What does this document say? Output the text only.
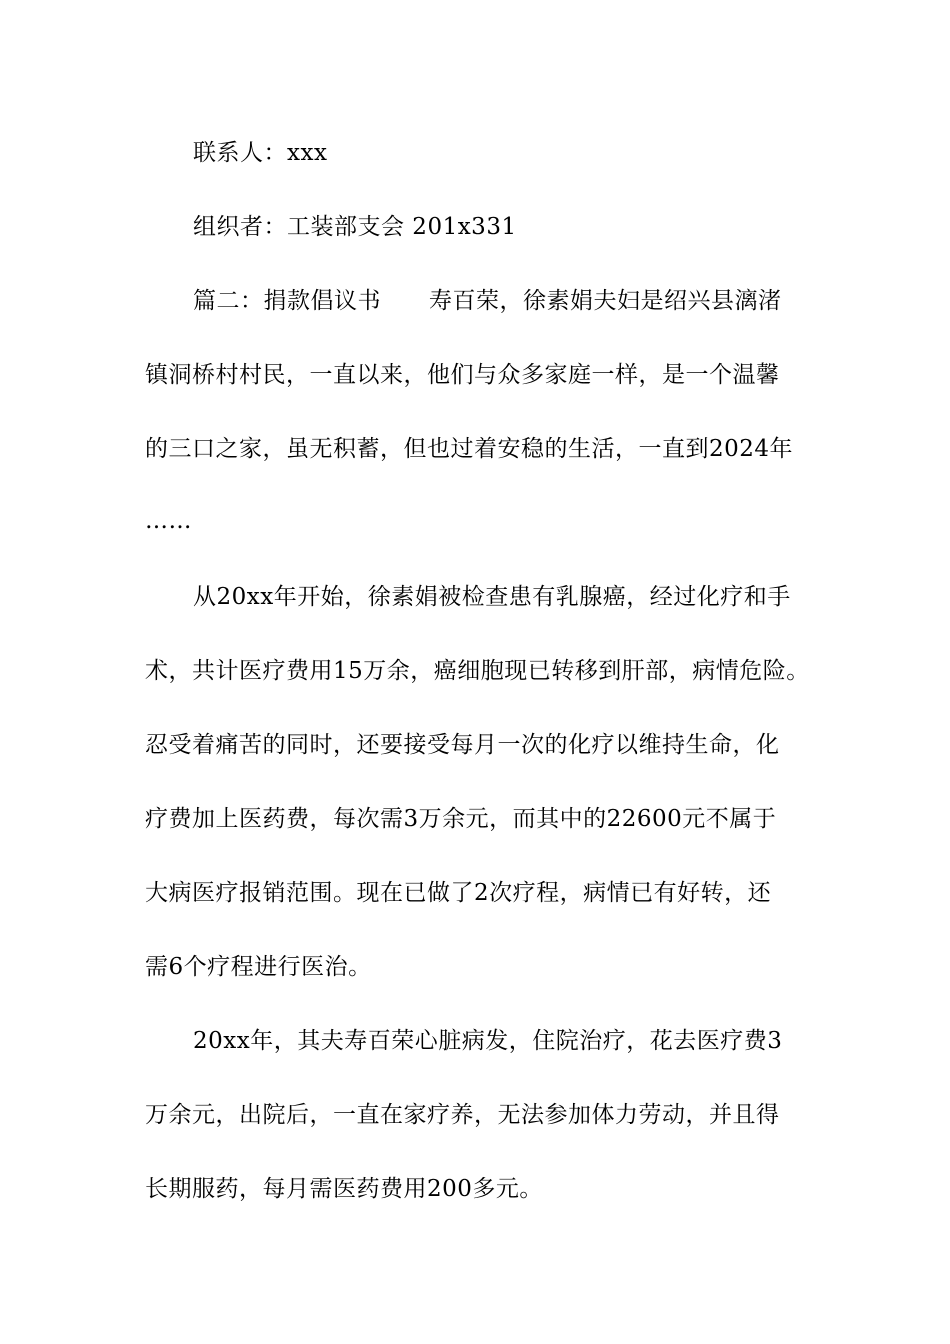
联系人：xxx
组织者：工装部支会 201x331
篇二：捐款倡议书 寿百荣，徐素娟夫妇是绍兴县漓渚
镇洞桥村村民，一直以来，他们与众多家庭一样，是一个温馨
的三口之家，虽无积蓄，但也过着安稳的生活，一直到2024年
……
从20xx年开始，徐素娟被检查患有乳腺癌，经过化疗和手
术，共计医疗费用15万余，癌细胞现已转移到肝部，病情危险。
忍受着痛苦的同时，还要接受每月一次的化疗以维持生命，化
疗费加上医药费，每次需3万余元，而其中的22600元不属于
大病医疗报销范围。现在已做了2次疗程，病情已有好转，还
需6个疗程进行医治。
20xx年，其夫寿百荣心脏病发，住院治疗，花去医疗费3
万余元，出院后，一直在家疗养，无法参加体力劳动，并且得
长期服药，每月需医药费用200多元。
